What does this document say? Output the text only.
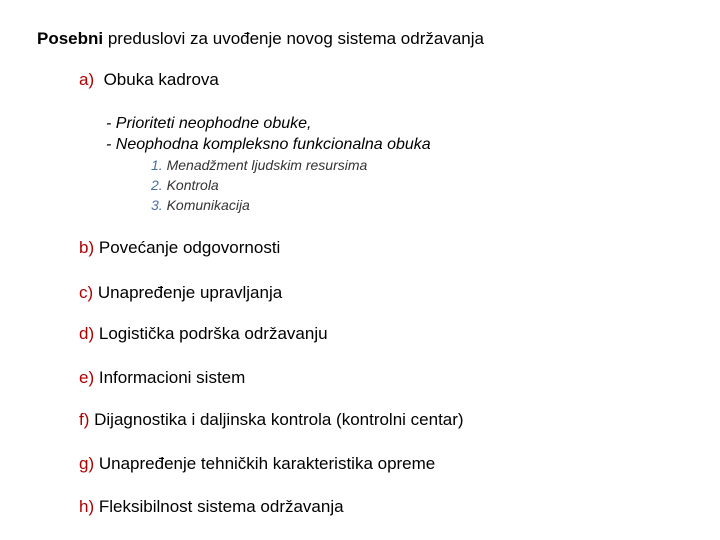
Posebni preduslovi za uvođenje novog sistema održavanja
a) Obuka kadrova
- Prioriteti neophodne obuke,
- Neophodna kompleksno funkcionalna obuka
1. Menadžment ljudskim resursima
2. Kontrola
3. Komunikacija
b) Povećanje odgovornosti
c) Unapređenje upravljanja
d) Logistička podrška održavanju
e) Informacioni sistem
f) Dijagnostika i daljinska kontrola (kontrolni centar)
g) Unapređenje tehničkih karakteristika opreme
h) Fleksibilnost sistema održavanja
